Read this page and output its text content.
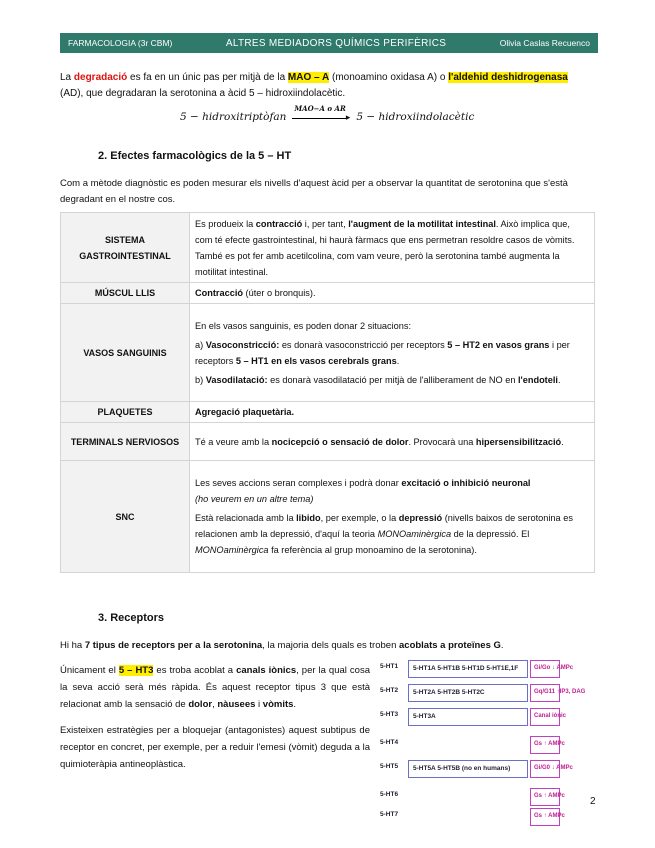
FARMACOLOGIA (3r CBM)	ALTRES MEDIADORS QUÍMICS PERIFÈRICS	Olivia Caslas Recuenco

La degradació es fa en un únic pas per mitjà de la MAO – A (monoamino oxidasa A) o l'aldehid deshidrogenasa

(AD), que degradaran la serotonina a àcid 5 – hidroxiindolacètic.

5 − hidroxitriptòfan
MAO−A o AR
▸ 5 − hidroxiindolacètic
2. Efectes farmacològics de la 5 – HT

Com a mètode diagnòstic es poden mesurar els nivells d'aquest àcid per a observar la quantitat de serotonina que s'està degradant en el nostre cos.

SISTEMA GASTROINTESTINAL	Es produeix la contracció i, per tant, l'augment de la motilitat intestinal. Això implica que, com té efecte gastrointestinal, hi haurà fàrmacs que ens permetran resoldre casos de vòmits. També es pot fer amb acetilcolina, com vam veure, però la serotonina també augmenta la motilitat intestinal.
MÚSCUL LLIS	Contracció (úter o bronquis).
VASOS SANGUINIS	En els vasos sanguinis, es poden donar 2 situacions:

a) Vasoconstricció: es donarà vasoconstricció per receptors 5 – HT2 en vasos grans i per receptors 5 – HT1 en els vasos cerebrals grans.

b) Vasodilatació: es donarà vasodilatació per mitjà de l'alliberament de NO en l'endoteli.

PLAQUETES	Agregació plaquetària.
TERMINALS NERVIOSOS	Té a veure amb la nocicepció o sensació de dolor. Provocarà una hipersensibilització.
SNC	Les seves accions seran complexes i podrà donar excitació o inhibició neuronal

(ho veurem en un altre tema)

Està relacionada amb la libido, per exemple, o la depressió (nivells baixos de serotonina es relacionen amb la depressió, d'aquí la teoria MONOaminèrgica de la depressió. El MONOaminèrgica fa referència al grup monoamino de la serotonina).

3. Receptors

Hi ha 7 tipus de receptors per a la serotonina, la majoria dels quals es troben acoblats a proteïnes G.

Únicament el 5 – HT3 es troba acoblat a canals iònics, per la qual cosa la seva acció serà més ràpida. És aquest receptor tipus 3 que està relacionat amb la sensació de dolor, nàusees i vòmits.

Existeixen estratègies per a bloquejar (antagonistes) aquest subtipus de receptor en concret, per exemple, per a reduir l'emesi (vòmit) deguda a la quimioteràpia antineoplàstica.

5-HT1 5-HT1A 5-HT1B 5-HT1D 5-HT1E,1F	Gi/Go ↓ AMPc
5-HT2 5-HT2A 5-HT2B 5-HT2C	Gq/G11 ↑IP3, DAG
5-HT3 5-HT3A	Canal iònic
5-HT4	Gs ↑ AMPc
5-HT5 5-HT5A 5-HT5B (no en humans)	Gi/G0 ↓ AMPc
5-HT6	Gs ↑ AMPc
5-HT7	Gs ↑ AMPc
2
